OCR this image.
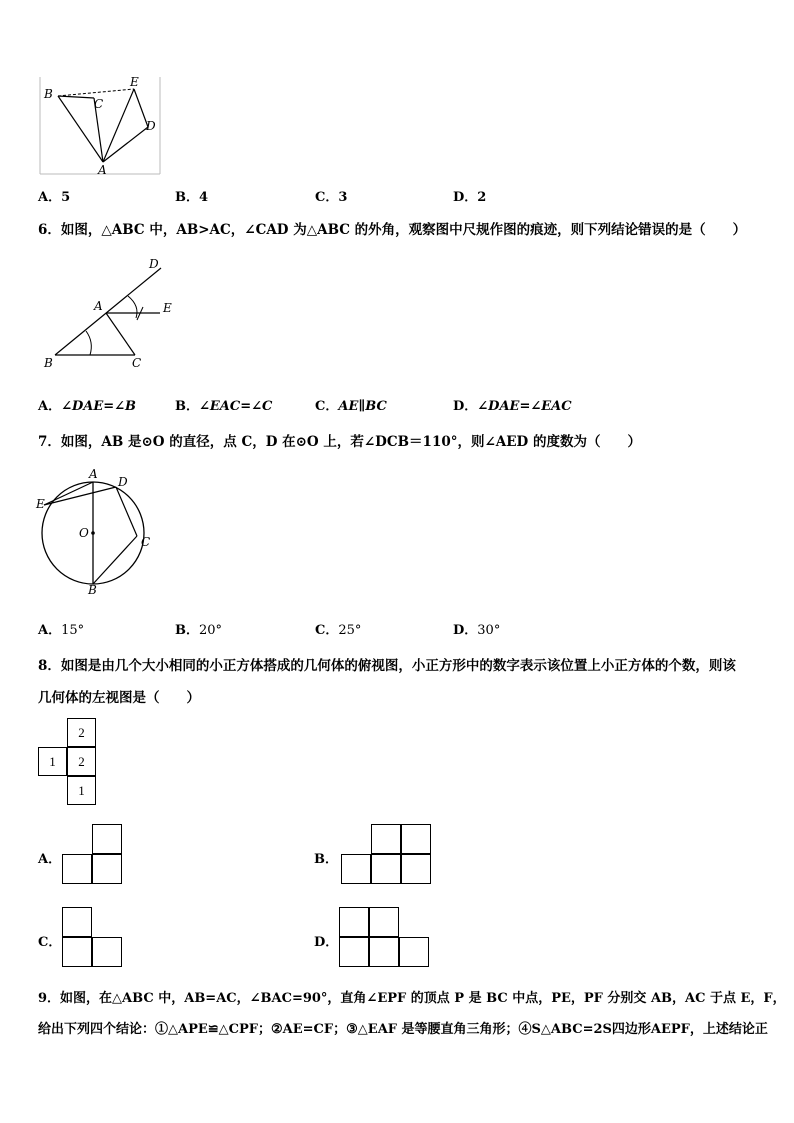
B
C
E
D
A
A．5	B．4	C．3	D．2
6．如图，△ABC 中，AB>AC，∠CAD 为△ABC 的外角，观察图中尺规作图的痕迹，则下列结论错误的是（　　）
D
A	E
B	C
A．∠DAE=∠B	B．∠EAC=∠C	C．AE∥BC	D．∠DAE=∠EAC
7．如图，AB 是⊙O 的直径，点 C，D 在⊙O 上，若∠DCB＝110°，则∠AED 的度数为（　　）
A
D
E
O
C
B
A．15°	B．20°	C．25°	D．30°
8．如图是由几个大小相同的小正方体搭成的几何体的俯视图，小正方形中的数字表示该位置上小正方体的个数，则该
几何体的左视图是（　　）
2
1	2
1
A．	B．
C．	D．
9．如图，在△ABC 中，AB=AC，∠BAC=90°，直角∠EPF 的顶点 P 是 BC 中点，PE，PF 分别交 AB，AC 于点 E，F，
给出下列四个结论：①△APE≌△CPF；②AE=CF；③△EAF 是等腰直角三角形；④S△ABC=2S四边形AEPF，上述结论正
